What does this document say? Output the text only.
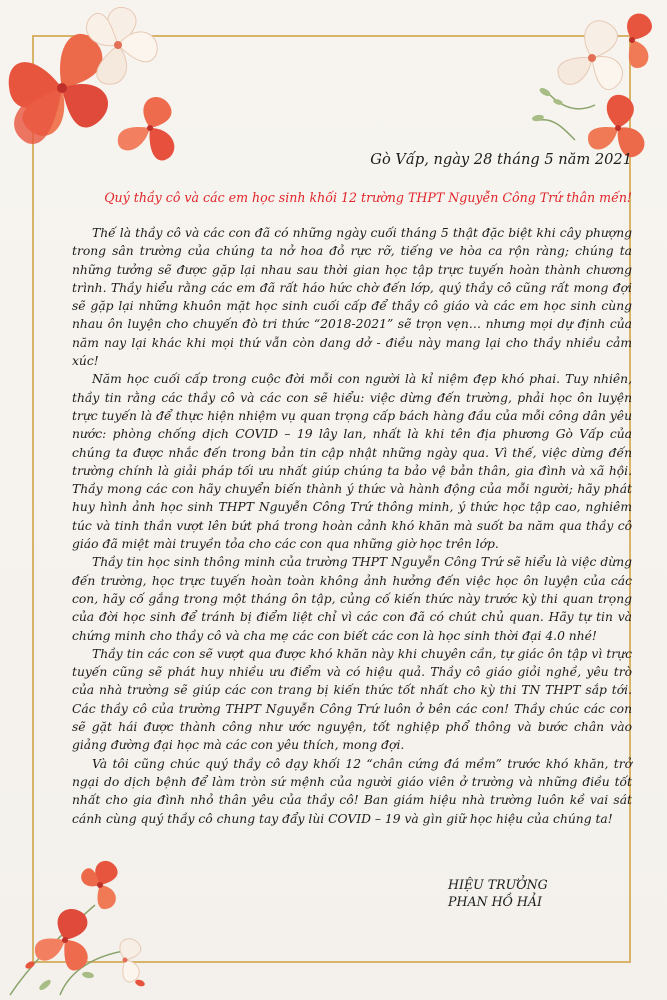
Gò Vấp, ngày 28 tháng 5 năm 2021
Quý thầy cô và các em học sinh khối 12 trường THPT Nguyễn Công Trứ thân mến!

Thế là thầy cô và các con đã có những ngày cuối tháng 5 thật đặc biệt khi cây phượng trong sân trường của chúng ta nở hoa đỏ rực rỡ, tiếng ve hòa ca rộn ràng; chúng ta những tưởng sẽ được gặp lại nhau sau thời gian học tập trực tuyến hoàn thành chương trình. Thầy hiểu rằng các em đã rất háo hức chờ đến lớp, quý thầy cô cũng rất mong đợi sẽ gặp lại những khuôn mặt học sinh cuối cấp để thầy cô giáo và các em học sinh cùng nhau ôn luyện cho chuyến đò tri thức “2018-2021” sẽ trọn vẹn… nhưng mọi dự định của năm nay lại khác khi mọi thứ vẫn còn dang dở - điều này mang lại cho thầy nhiều cảm xúc!

Năm học cuối cấp trong cuộc đời mỗi con người là kỉ niệm đẹp khó phai. Tuy nhiên, thầy tin rằng các thầy cô và các con sẽ hiểu: việc dừng đến trường, phải học ôn luyện trực tuyến là để thực hiện nhiệm vụ quan trọng cấp bách hàng đầu của mỗi công dân yêu nước: phòng chống dịch COVID – 19 lây lan, nhất là khi tên địa phương Gò Vấp của chúng ta được nhắc đến trong bản tin cập nhật những ngày qua. Vì thế, việc dừng đến trường chính là giải pháp tối ưu nhất giúp chúng ta bảo vệ bản thân, gia đình và xã hội. Thầy mong các con hãy chuyển biến thành ý thức và hành động của mỗi người; hãy phát huy hình ảnh học sinh THPT Nguyễn Công Trứ thông minh, ý thức học tập cao, nghiêm túc và tinh thần vượt lên bứt phá trong hoàn cảnh khó khăn mà suốt ba năm qua thầy cô giáo đã miệt mài truyền tỏa cho các con qua những giờ học trên lớp.

Thầy tin học sinh thông minh của trường THPT Nguyễn Công Trứ sẽ hiểu là việc dừng đến trường, học trực tuyến hoàn toàn không ảnh hưởng đến việc học ôn luyện của các con, hãy cố gắng trong một tháng ôn tập, củng cố kiến thức này trước kỳ thi quan trọng của đời học sinh để tránh bị điểm liệt chỉ vì các con đã có chút chủ quan. Hãy tự tin và chứng minh cho thầy cô và cha mẹ các con biết các con là học sinh thời đại 4.0 nhé!

Thầy tin các con sẽ vượt qua được khó khăn này khi chuyên cần, tự giác ôn tập vì trực tuyến cũng sẽ phát huy nhiều ưu điểm và có hiệu quả. Thầy cô giáo giỏi nghề, yêu trò của nhà trường sẽ giúp các con trang bị kiến thức tốt nhất cho kỳ thi TN THPT sắp tới. Các thầy cô của trường THPT Nguyễn Công Trứ luôn ở bên các con! Thầy chúc các con sẽ gặt hái được thành công như ước nguyện, tốt nghiệp phổ thông và bước chân vào giảng đường đại học mà các con yêu thích, mong đợi.

Và tôi cũng chúc quý thầy cô dạy khối 12 “chân cứng đá mềm” trước khó khăn, trở ngại do dịch bệnh để làm tròn sứ mệnh của người giáo viên ở trường và những điều tốt nhất cho gia đình nhỏ thân yêu của thầy cô! Ban giám hiệu nhà trường luôn kề vai sát cánh cùng quý thầy cô chung tay đẩy lùi COVID – 19 và gìn giữ học hiệu của chúng ta!

HIỆU TRƯỞNG
PHAN HỒ HẢI
